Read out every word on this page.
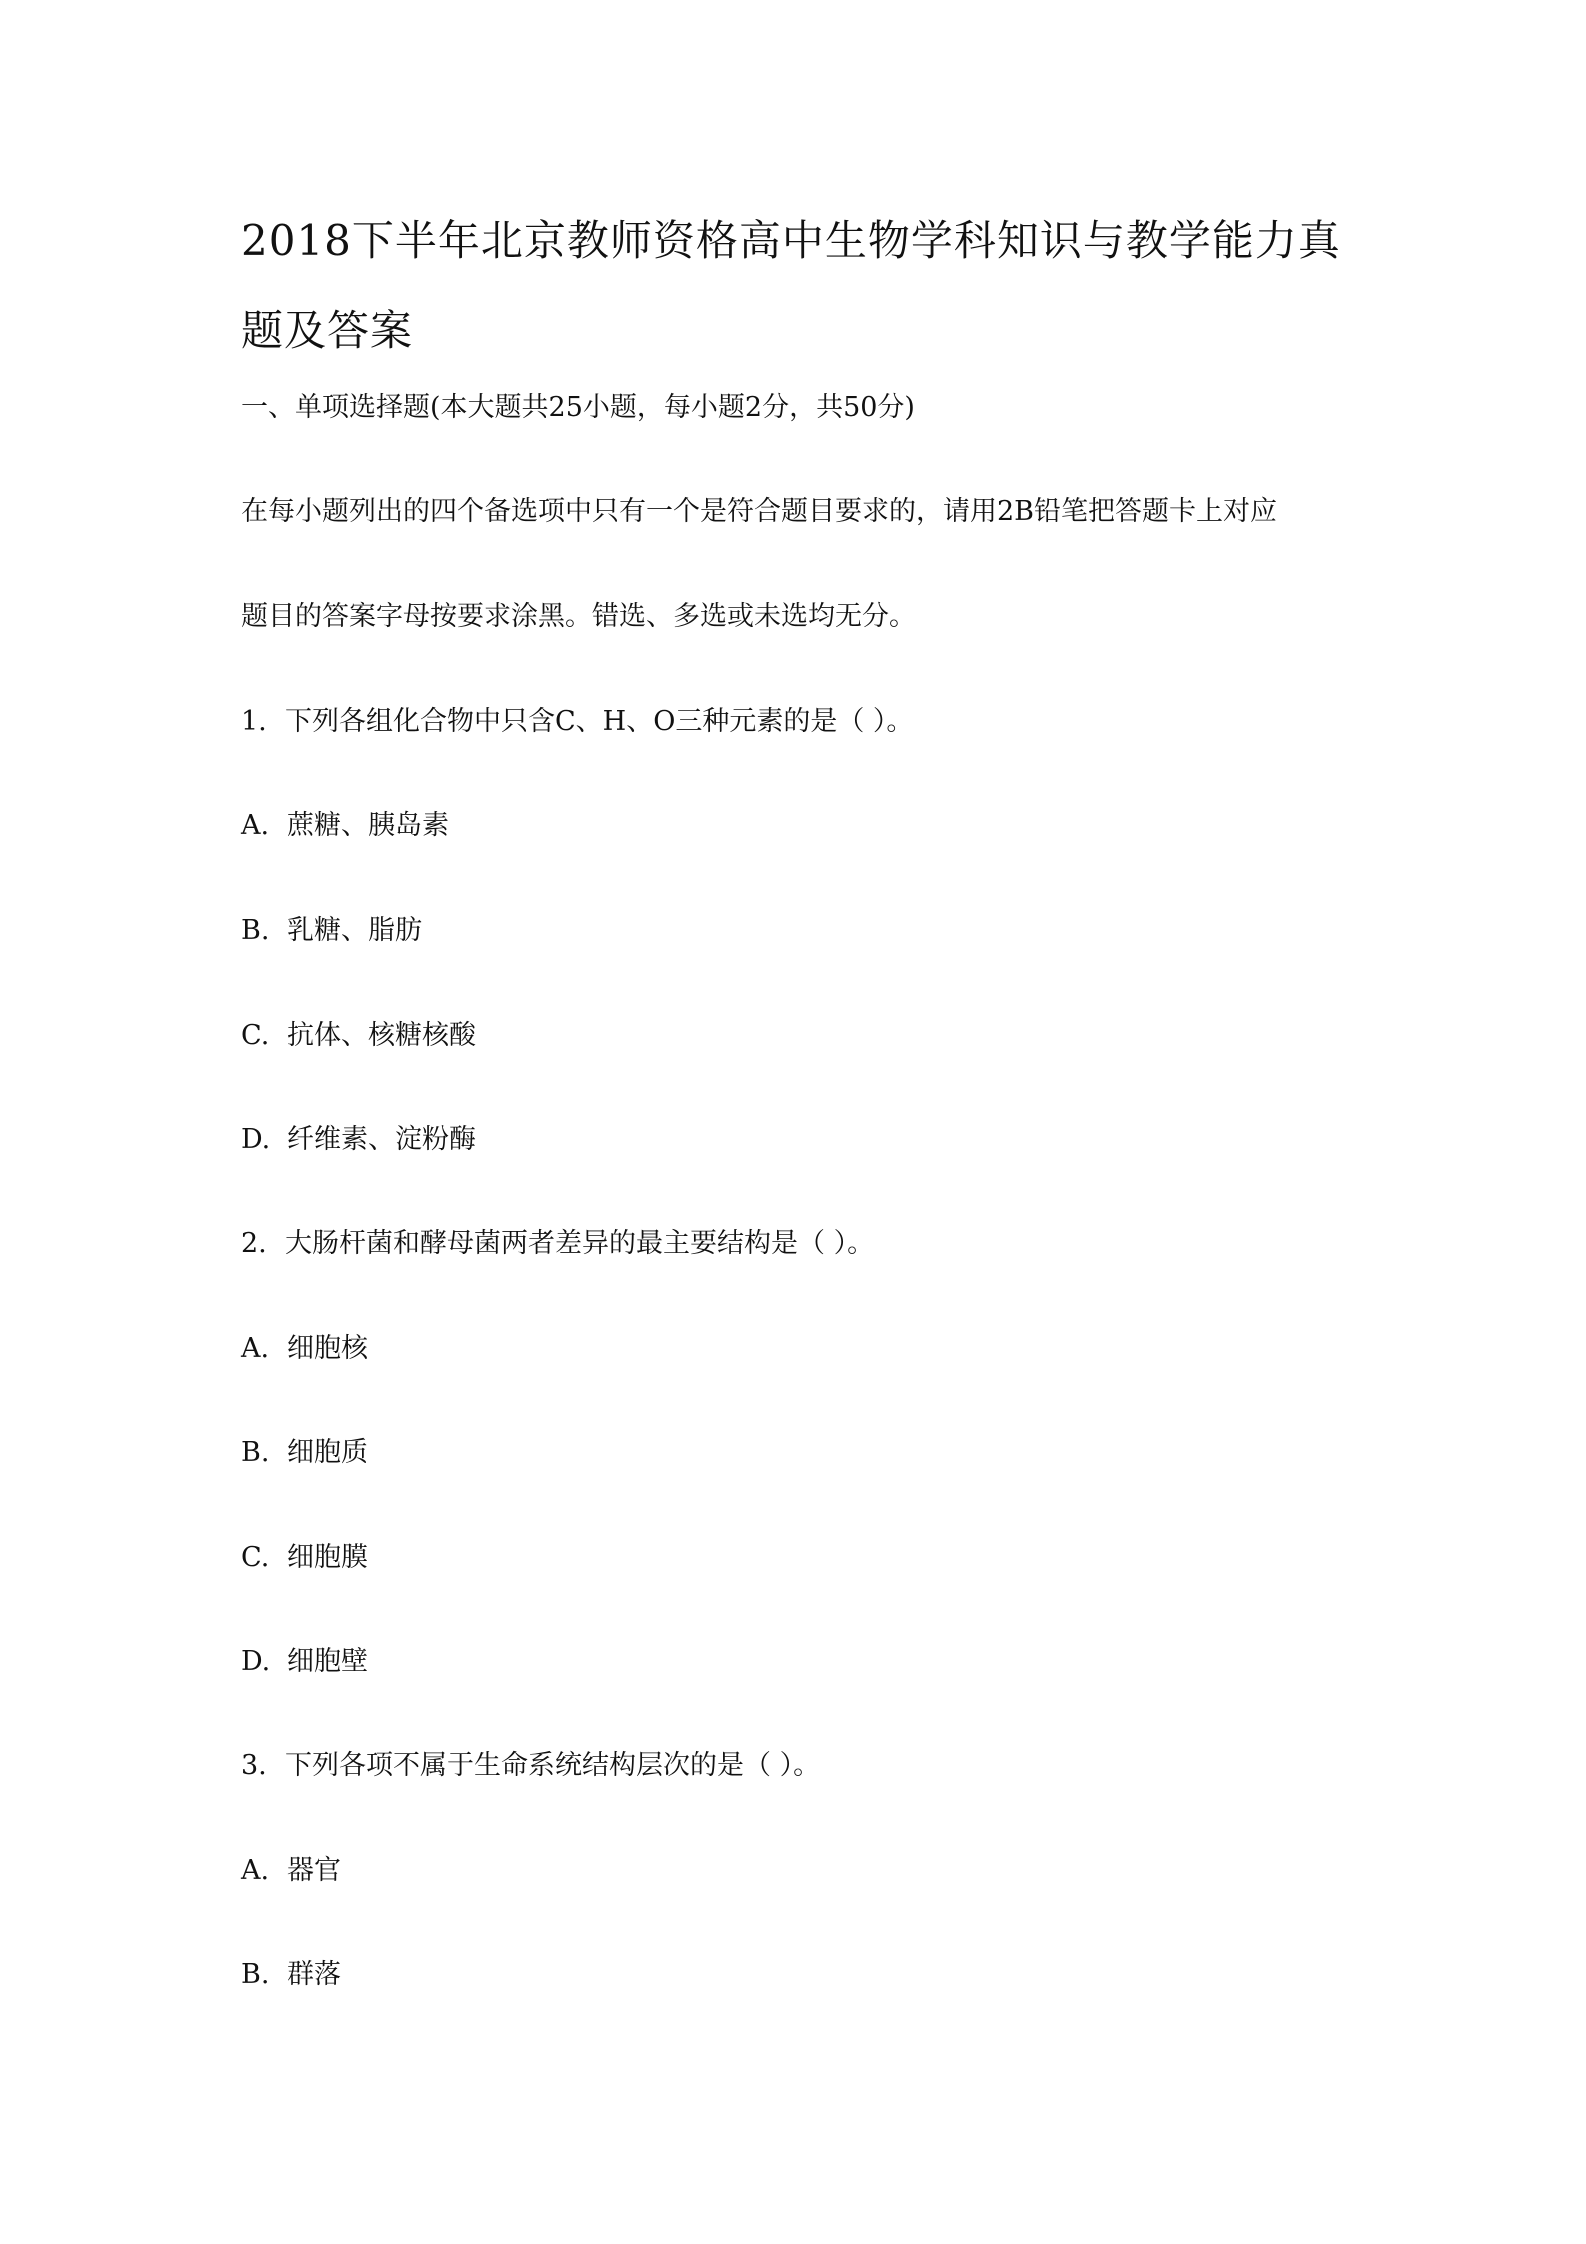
2018下半年北京教师资格高中生物学科知识与教学能力真题及答案

一、单项选择题(本大题共25小题，每小题2分，共50分)

在每小题列出的四个备选项中只有一个是符合题目要求的，请用2B铅笔把答题卡上对应

题目的答案字母按要求涂黑。错选、多选或未选均无分。

1. 下列各组化合物中只含C、H、O三种元素的是（ ）。

A. 蔗糖、胰岛素

B. 乳糖、脂肪

C. 抗体、核糖核酸

D. 纤维素、淀粉酶

2. 大肠杆菌和酵母菌两者差异的最主要结构是（ ）。

A. 细胞核

B. 细胞质

C. 细胞膜

D. 细胞壁

3. 下列各项不属于生命系统结构层次的是（ ）。

A. 器官

B. 群落
